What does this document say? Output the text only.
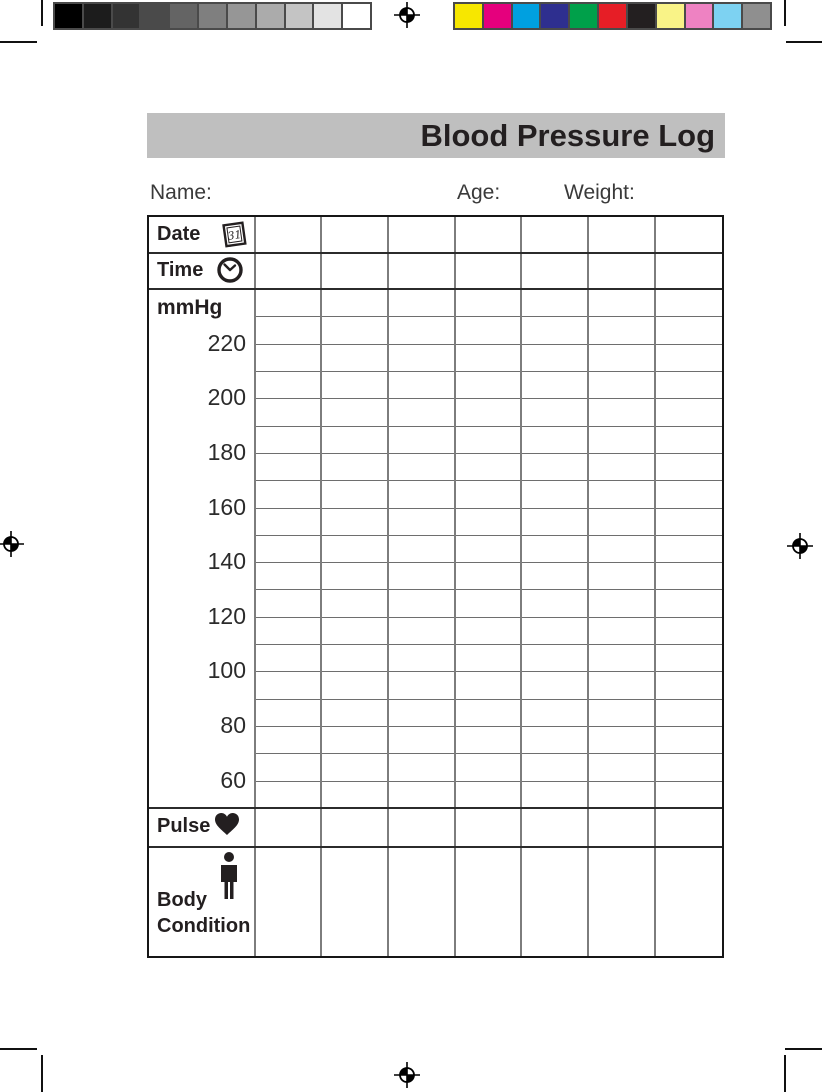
Blood Pressure Log
Name:	Age:	Weight:
Date 31
Time
mmHg
Pulse
Body
Condition
220
200
180
160
140
120
100
80
60
